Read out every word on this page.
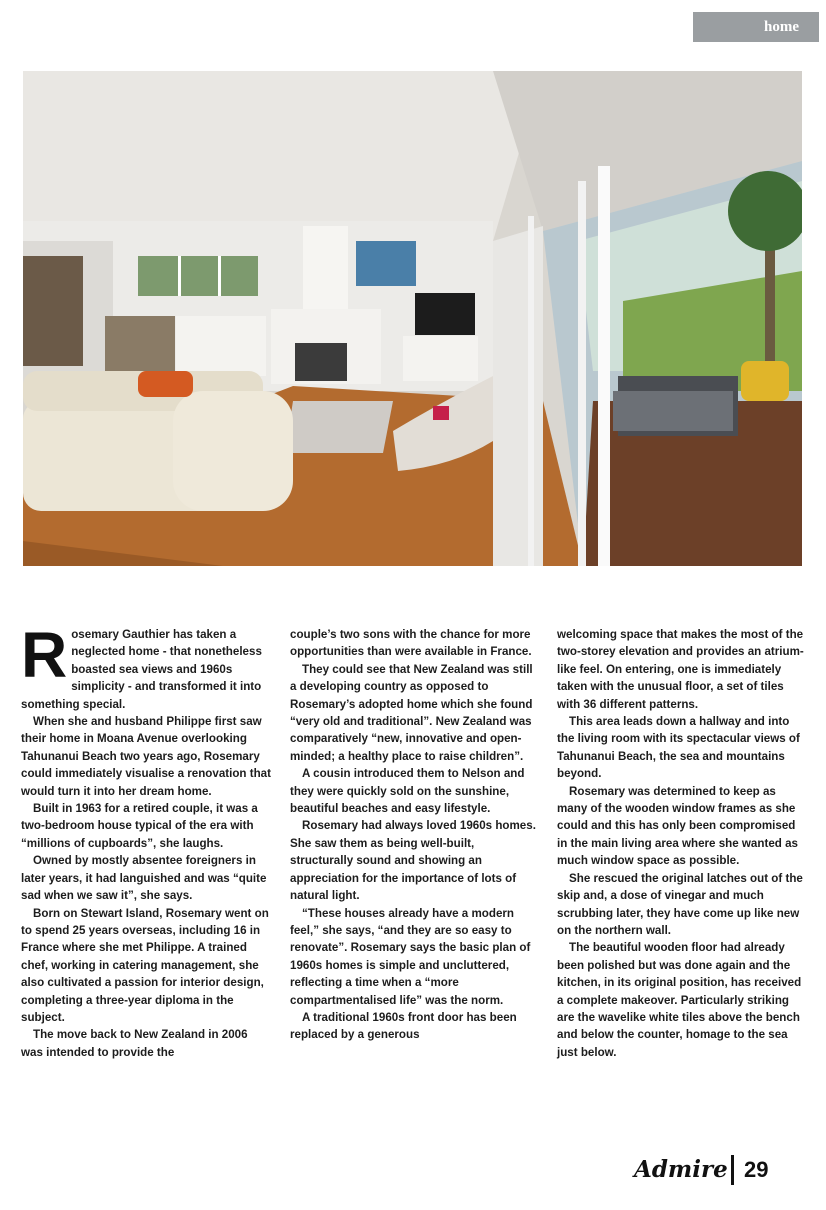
home

Rosemary Gauthier has taken a neglected home - that nonetheless boasted sea views and 1960s simplicity - and transformed it into something special.

When she and husband Philippe first saw their home in Moana Avenue overlooking Tahunanui Beach two years ago, Rosemary could immediately visualise a renovation that would turn it into her dream home.

Built in 1963 for a retired couple, it was a two-bedroom house typical of the era with “millions of cupboards”, she laughs.

Owned by mostly absentee foreigners in later years, it had languished and was “quite sad when we saw it”, she says.

Born on Stewart Island, Rosemary went on to spend 25 years overseas, including 16 in France where she met Philippe. A trained chef, working in catering management, she also cultivated a passion for interior design, completing a three-year diploma in the subject.

The move back to New Zealand in 2006 was intended to provide the

couple’s two sons with the chance for more opportunities than were available in France.

They could see that New Zealand was still a developing country as opposed to Rosemary’s adopted home which she found “very old and traditional”. New Zealand was comparatively “new, innovative and open-minded; a healthy place to raise children”.

A cousin introduced them to Nelson and they were quickly sold on the sunshine, beautiful beaches and easy lifestyle.

Rosemary had always loved 1960s homes. She saw them as being well-built, structurally sound and showing an appreciation for the importance of lots of natural light.

“These houses already have a modern feel,” she says, “and they are so easy to renovate”. Rosemary says the basic plan of 1960s homes is simple and uncluttered, reflecting a time when a “more compartmentalised life” was the norm.

A traditional 1960s front door has been replaced by a generous

welcoming space that makes the most of the two-storey elevation and provides an atrium-like feel. On entering, one is immediately taken with the unusual floor, a set of tiles with 36 different patterns.

This area leads down a hallway and into the living room with its spectacular views of Tahunanui Beach, the sea and mountains beyond.

Rosemary was determined to keep as many of the wooden window frames as she could and this has only been compromised in the main living area where she wanted as much window space as possible.

She rescued the original latches out of the skip and, a dose of vinegar and much scrubbing later, they have come up like new on the northern wall.

The beautiful wooden floor had already been polished but was done again and the kitchen, in its original position, has received a complete makeover. Particularly striking are the wavelike white tiles above the bench and below the counter, homage to the sea just below.

Admire 29
